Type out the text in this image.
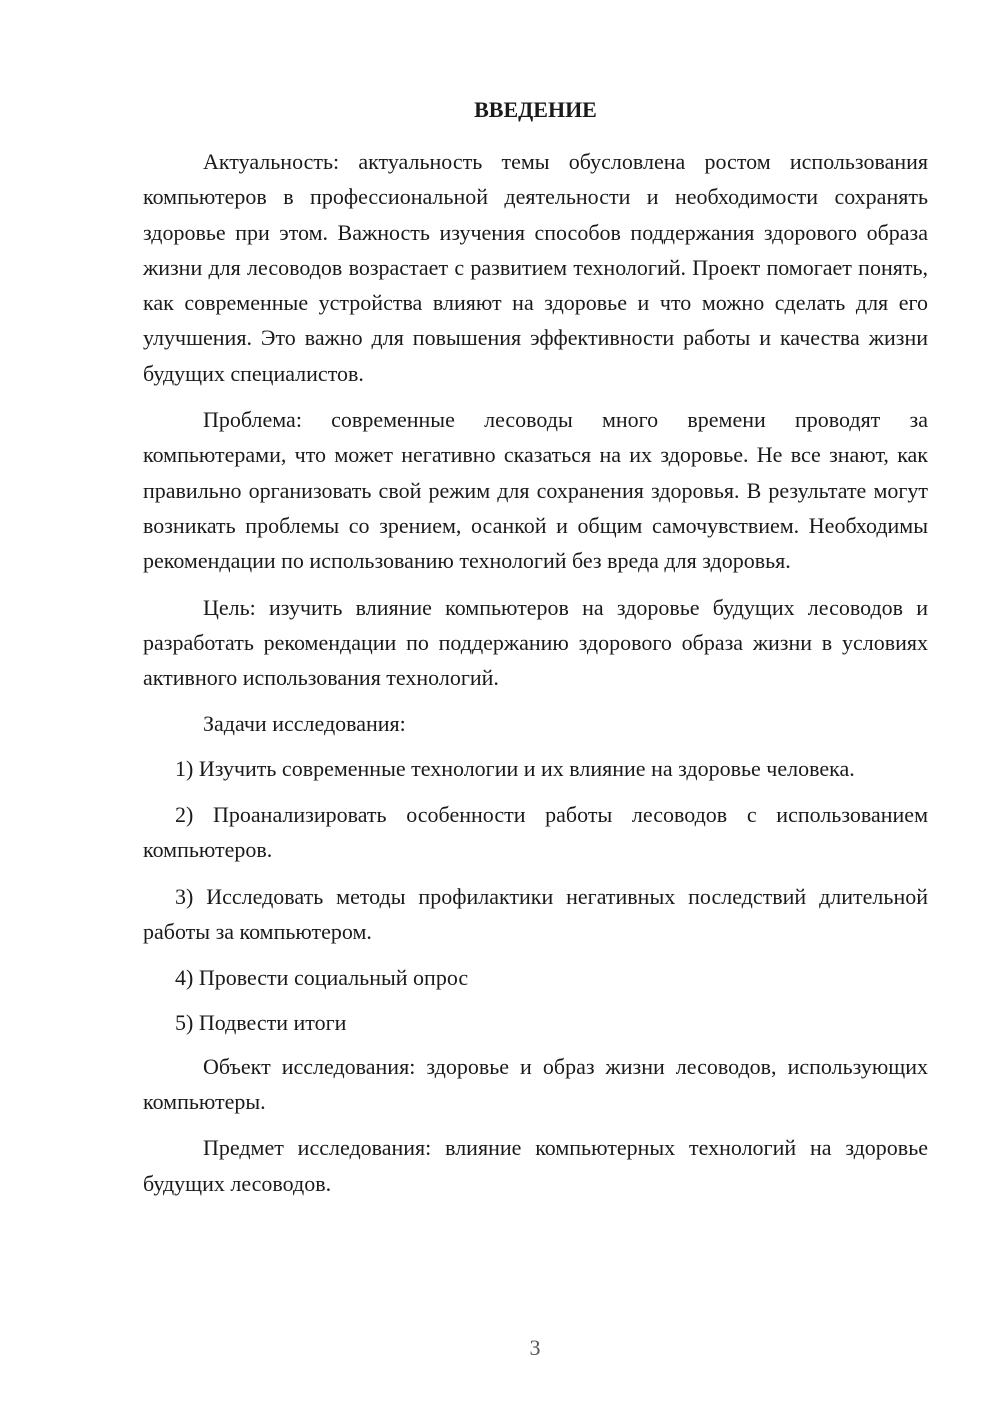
ВВЕДЕНИЕ

Актуальность: актуальность темы обусловлена ростом использования компьютеров в профессиональной деятельности и необходимости сохранять здоровье при этом. Важность изучения способов поддержания здорового образа жизни для лесоводов возрастает с развитием технологий. Проект помогает понять, как современные устройства влияют на здоровье и что можно сделать для его улучшения. Это важно для повышения эффективности работы и качества жизни будущих специалистов.

Проблема: современные лесоводы много времени проводят за компьютерами, что может негативно сказаться на их здоровье. Не все знают, как правильно организовать свой режим для сохранения здоровья. В результате могут возникать проблемы со зрением, осанкой и общим самочувствием. Необходимы рекомендации по использованию технологий без вреда для здоровья.

Цель: изучить влияние компьютеров на здоровье будущих лесоводов и разработать рекомендации по поддержанию здорового образа жизни в условиях активного использования технологий.

Задачи исследования:

1) Изучить современные технологии и их влияние на здоровье человека.

2) Проанализировать особенности работы лесоводов с использованием компьютеров.

3) Исследовать методы профилактики негативных последствий длительной работы за компьютером.

4) Провести социальный опрос

5) Подвести итоги

Объект исследования: здоровье и образ жизни лесоводов, использующих компьютеры.

Предмет исследования: влияние компьютерных технологий на здоровье будущих лесоводов.

3
